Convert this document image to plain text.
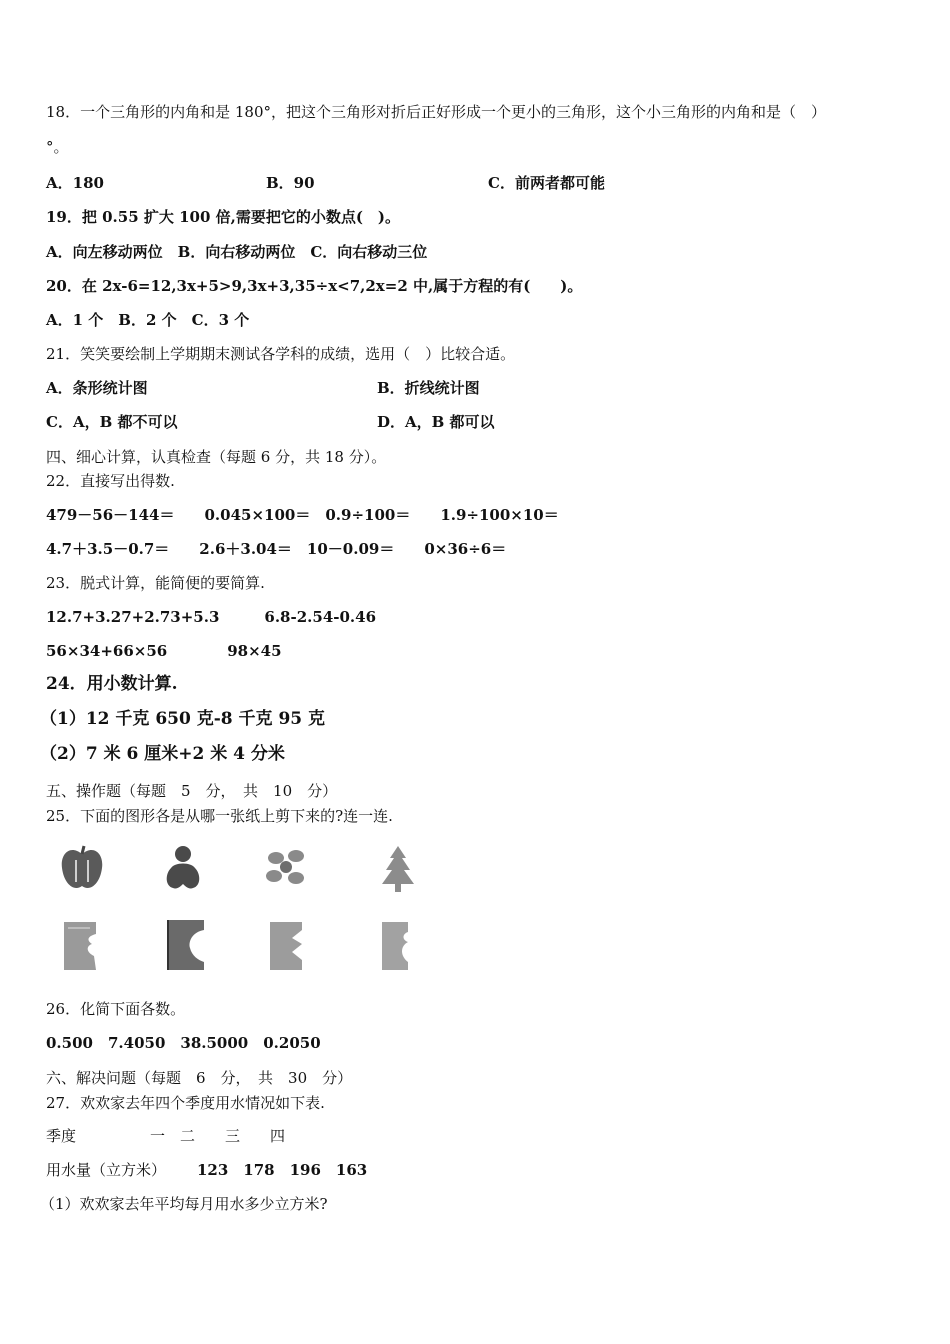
18．一个三角形的内角和是 180°，把这个三角形对折后正好形成一个更小的三角形，这个小三角形的内角和是（　）
°。
A．180	B．90	C．前两者都可能
19．把 0.55 扩大 100 倍,需要把它的小数点(　)。
A．向左移动两位　B．向右移动两位　C．向右移动三位
20．在 2x-6=12,3x+5>9,3x+3,35÷x<7,2x=2 中,属于方程的有(　　)。
A．1 个　B．2 个　C．3 个
21．笑笑要绘制上学期期末测试各学科的成绩，选用（　）比较合适。
A．条形统计图	B．折线统计图
C．A，B 都不可以	D．A，B 都可以
四、细心计算，认真检查（每题 6 分，共 18 分）。
22．直接写出得数.
479－56－144＝　　0.045×100＝　0.9÷100＝　　1.9÷100×10＝
4.7＋3.5－0.7＝　　2.6＋3.04＝　10－0.09＝　　0×36÷6＝
23．脱式计算，能简便的要简算.
12.7+3.27+2.73+5.3　　　6.8-2.54-0.46
56×34+66×56　　　　98×45
24．用小数计算.
（1）12 千克 650 克-8 千克 95 克
（2）7 米 6 厘米+2 米 4 分米
五、操作题（每题　5　分，　共　10　分）
25．下面的图形各是从哪一张纸上剪下来的?连一连.
26．化简下面各数。
0.500　7.4050　38.5000　0.2050
六、解决问题（每题　6　分，　共　30　分）
27．欢欢家去年四个季度用水情况如下表.
季度	一　二　　三　　四
用水量（立方米） 123　178　196　163
（1）欢欢家去年平均每月用水多少立方米?
